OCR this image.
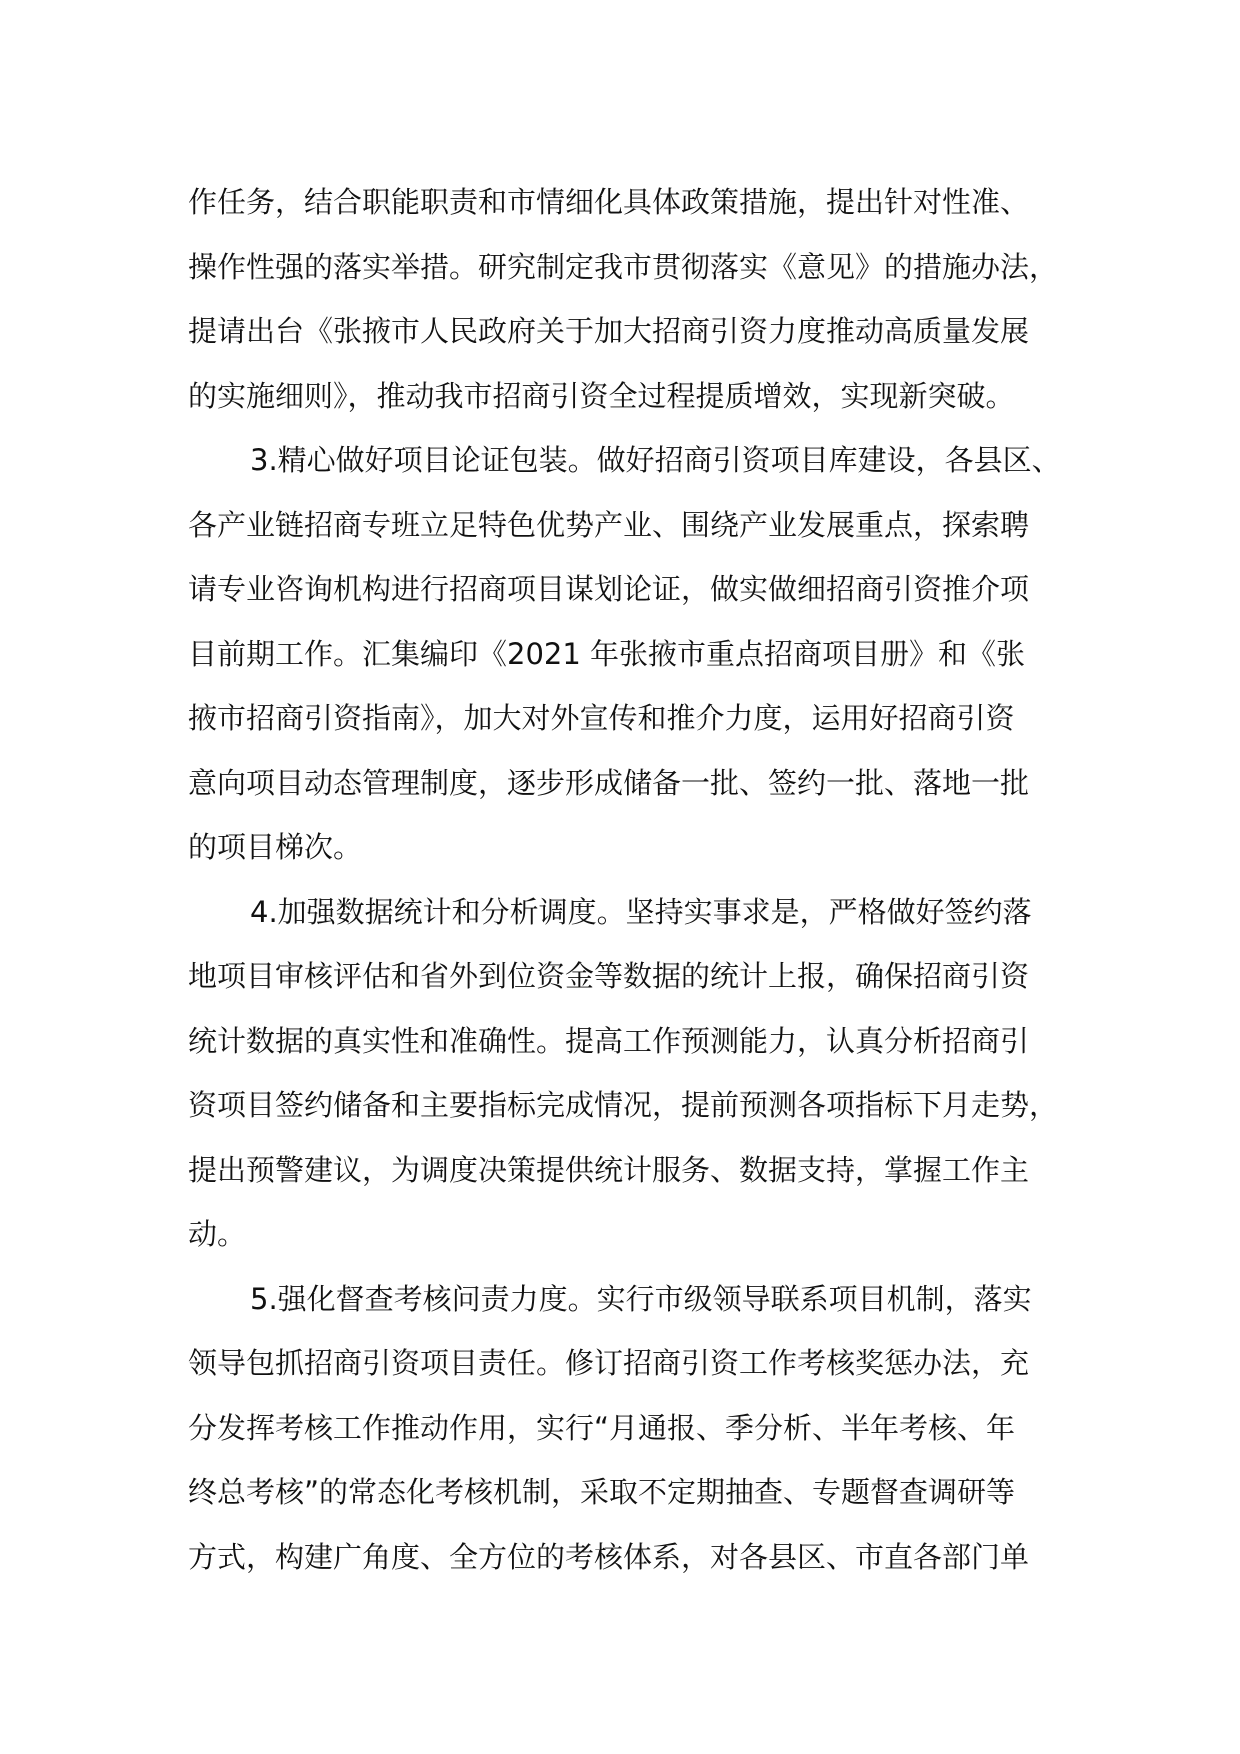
作任务，结合职能职责和市情细化具体政策措施，提出针对性准、
操作性强的落实举措。研究制定我市贯彻落实《意见》的措施办法，
提请出台《张掖市人民政府关于加大招商引资力度推动高质量发展
的实施细则》，推动我市招商引资全过程提质增效，实现新突破。
3.精心做好项目论证包装。做好招商引资项目库建设，各县区、
各产业链招商专班立足特色优势产业、围绕产业发展重点，探索聘
请专业咨询机构进行招商项目谋划论证，做实做细招商引资推介项
目前期工作。汇集编印《2021 年张掖市重点招商项目册》和《张
掖市招商引资指南》，加大对外宣传和推介力度，运用好招商引资
意向项目动态管理制度，逐步形成储备一批、签约一批、落地一批
的项目梯次。
4.加强数据统计和分析调度。坚持实事求是，严格做好签约落
地项目审核评估和省外到位资金等数据的统计上报，确保招商引资
统计数据的真实性和准确性。提高工作预测能力，认真分析招商引
资项目签约储备和主要指标完成情况，提前预测各项指标下月走势，
提出预警建议，为调度决策提供统计服务、数据支持，掌握工作主
动。
5.强化督查考核问责力度。实行市级领导联系项目机制，落实
领导包抓招商引资项目责任。修订招商引资工作考核奖惩办法，充
分发挥考核工作推动作用，实行“月通报、季分析、半年考核、年
终总考核”的常态化考核机制，采取不定期抽查、专题督查调研等
方式，构建广角度、全方位的考核体系，对各县区、市直各部门单
